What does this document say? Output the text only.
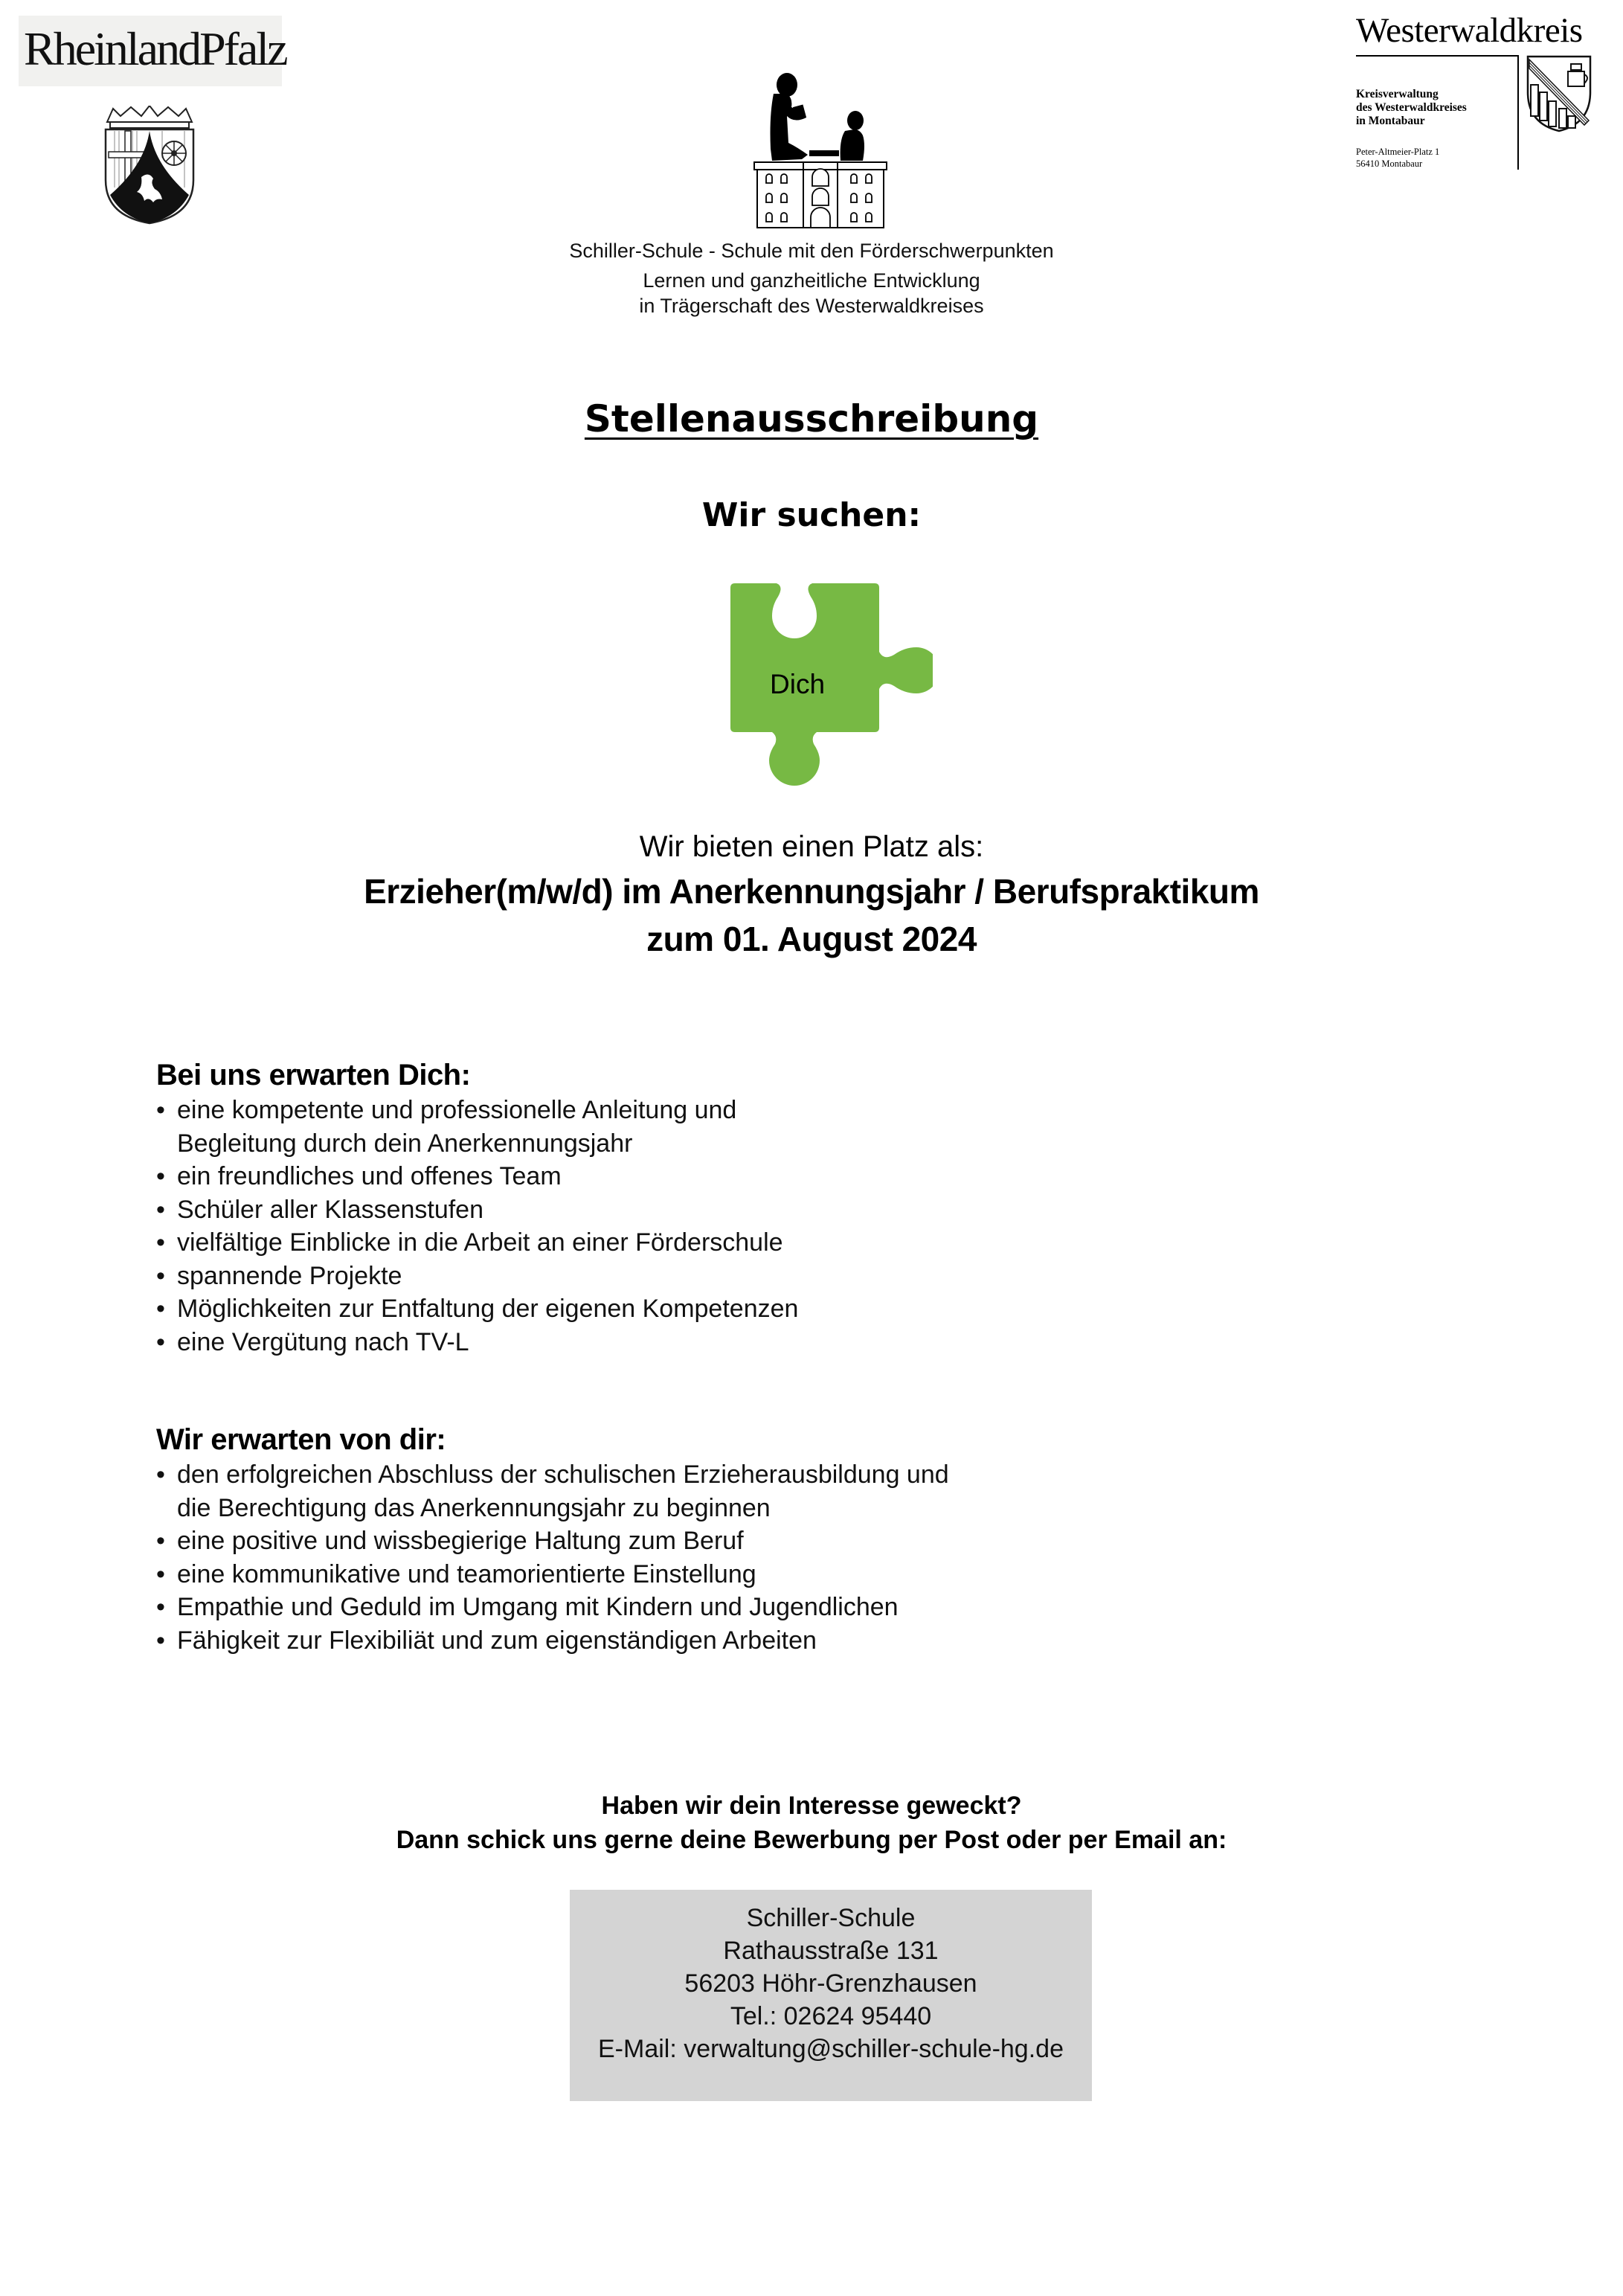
RheinlandPfalz	Westerwaldkreis
Kreisverwaltung
des Westerwaldkreises
in Montabaur
Peter-Altmeier-Platz 1
56410 Montabaur
Schiller-Schule - Schule mit den Förderschwerpunkten
Lernen und ganzheitliche Entwicklung
in Trägerschaft des Westerwaldkreises
Stellenausschreibung
Wir suchen:
Dich
Wir bieten einen Platz als:
Erzieher(m/w/d) im Anerkennungsjahr / Berufspraktikum
zum 01. August 2024
Bei uns erwarten Dich:
• eine kompetente und professionelle Anleitung und
Begleitung durch dein Anerkennungsjahr
• ein freundliches und offenes Team
• Schüler aller Klassenstufen
• vielfältige Einblicke in die Arbeit an einer Förderschule
• spannende Projekte
• Möglichkeiten zur Entfaltung der eigenen Kompetenzen
• eine Vergütung nach TV-L
Wir erwarten von dir:
• den erfolgreichen Abschluss der schulischen Erzieherausbildung und
die Berechtigung das Anerkennungsjahr zu beginnen
• eine positive und wissbegierige Haltung zum Beruf
• eine kommunikative und teamorientierte Einstellung
• Empathie und Geduld im Umgang mit Kindern und Jugendlichen
• Fähigkeit zur Flexibiliät und zum eigenständigen Arbeiten
Haben wir dein Interesse geweckt?
Dann schick uns gerne deine Bewerbung per Post oder per Email an:
Schiller-Schule
Rathausstraße 131
56203 Höhr-Grenzhausen
Tel.: 02624 95440
E-Mail: verwaltung@schiller-schule-hg.de
